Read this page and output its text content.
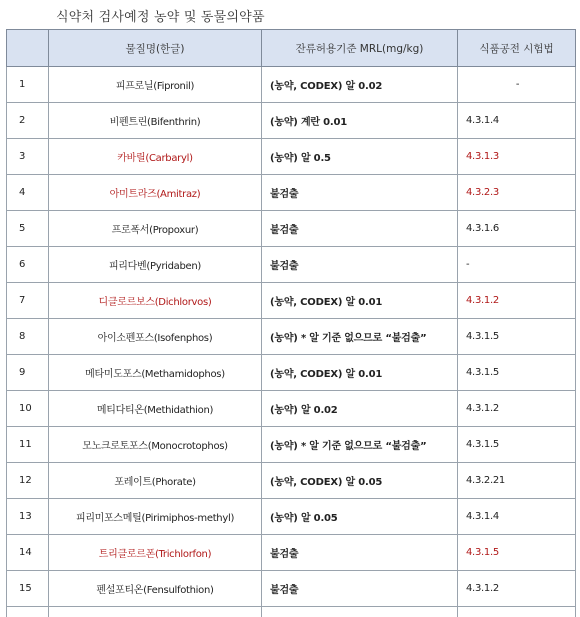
식약처 검사예정 농약 및 동물의약품
	물질명(한글)	잔류허용기준 MRL(mg/kg)	식품공전 시험법
1	피프로닐(Fipronil)	(농약, CODEX) 알 0.02	-
2	비펜트린(Bifenthrin)	(농약) 계란 0.01	4.3.1.4
3	카바릴(Carbaryl)	(농약) 알 0.5	4.3.1.3
4	아미트라즈(Amitraz)	불검출	4.3.2.3
5	프로폭서(Propoxur)	불검출	4.3.1.6
6	피리다벤(Pyridaben)	불검출	-
7	디클로르보스(Dichlorvos)	(농약, CODEX) 알 0.01	4.3.1.2
8	아이소펜포스(Isofenphos)	(농약) * 알 기준 없으므로 “불검출”	4.3.1.5
9	메타미도포스(Methamidophos)	(농약, CODEX) 알 0.01	4.3.1.5
10	메티다티온(Methidathion)	(농약) 알 0.02	4.3.1.2
11	모노크로토포스(Monocrotophos)	(농약) * 알 기준 없으므로 “불검출”	4.3.1.5
12	포레이트(Phorate)	(농약, CODEX) 알 0.05	4.3.2.21
13	피리미포스메틸(Pirimiphos-methyl)	(농약) 알 0.05	4.3.1.4
14	트리클로르폰(Trichlorfon)	불검출	4.3.1.5
15	펜설포티온(Fensulfothion)	불검출	4.3.1.2
